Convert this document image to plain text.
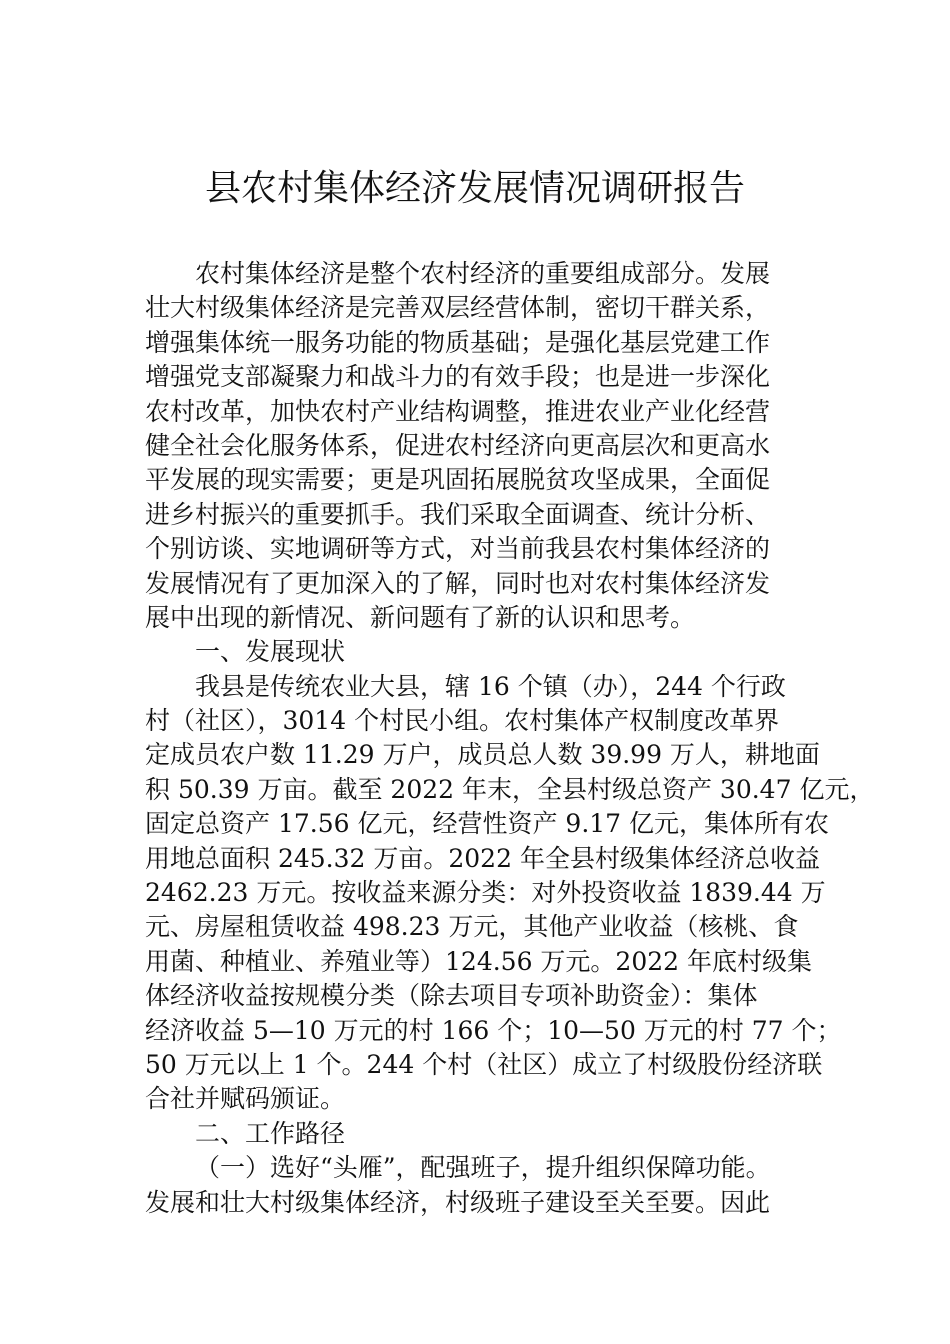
县农村集体经济发展情况调研报告
农村集体经济是整个农村经济的重要组成部分。发展
壮大村级集体经济是完善双层经营体制，密切干群关系，
增强集体统一服务功能的物质基础；是强化基层党建工作
增强党支部凝聚力和战斗力的有效手段；也是进一步深化
农村改革，加快农村产业结构调整，推进农业产业化经营
健全社会化服务体系，促进农村经济向更高层次和更高水
平发展的现实需要；更是巩固拓展脱贫攻坚成果，全面促
进乡村振兴的重要抓手。我们采取全面调查、统计分析、
个别访谈、实地调研等方式，对当前我县农村集体经济的
发展情况有了更加深入的了解，同时也对农村集体经济发
展中出现的新情况、新问题有了新的认识和思考。
一、发展现状
我县是传统农业大县，辖 16 个镇（办），244 个行政
村（社区），3014 个村民小组。农村集体产权制度改革界
定成员农户数 11.29 万户，成员总人数 39.99 万人，耕地面
积 50.39 万亩。截至 2022 年末，全县村级总资产 30.47 亿元，
固定总资产 17.56 亿元，经营性资产 9.17 亿元，集体所有农
用地总面积 245.32 万亩。2022 年全县村级集体经济总收益
2462.23 万元。按收益来源分类：对外投资收益 1839.44 万
元、房屋租赁收益 498.23 万元，其他产业收益（核桃、食
用菌、种植业、养殖业等）124.56 万元。2022 年底村级集
体经济收益按规模分类（除去项目专项补助资金）：集体
经济收益 5—10 万元的村 166 个；10—50 万元的村 77 个；
50 万元以上 1 个。244 个村（社区）成立了村级股份经济联
合社并赋码颁证。
二、工作路径
（一）选好“头雁”，配强班子，提升组织保障功能。
发展和壮大村级集体经济，村级班子建设至关至要。因此
